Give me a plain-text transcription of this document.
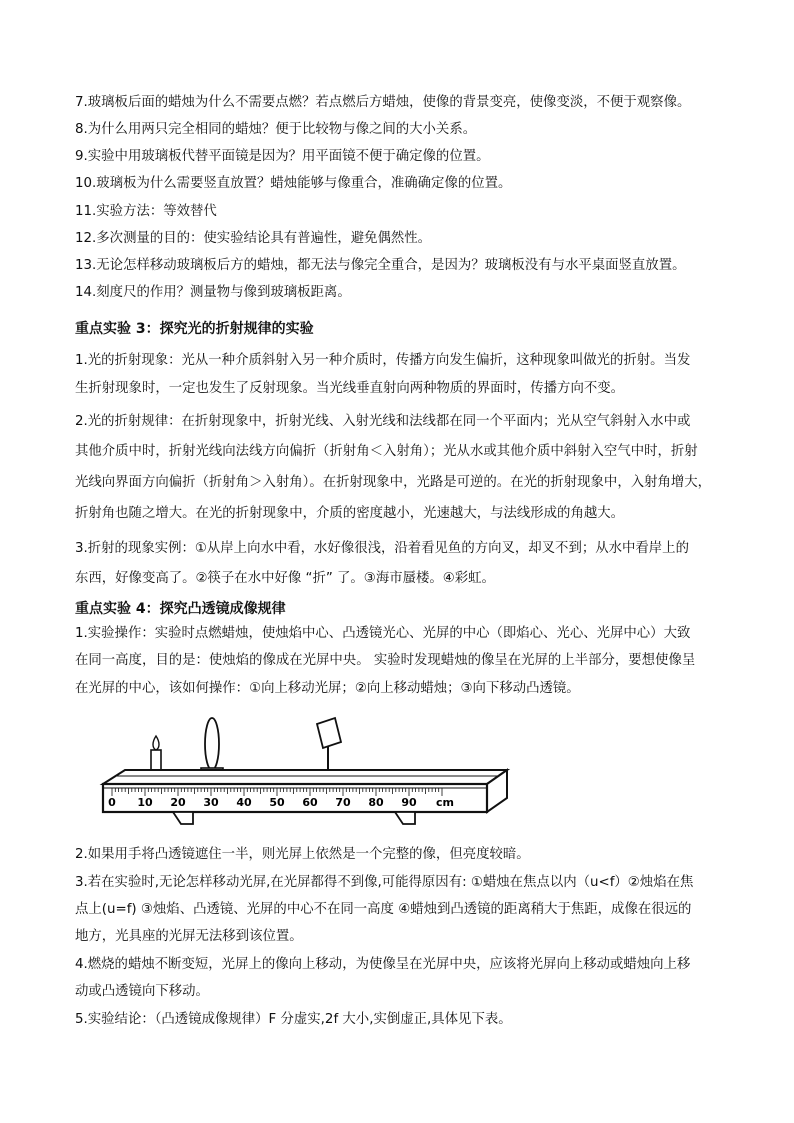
7.玻璃板后面的蜡烛为什么不需要点燃？若点燃后方蜡烛，使像的背景变亮，使像变淡，不便于观察像。
8.为什么用两只完全相同的蜡烛？便于比较物与像之间的大小关系。
9.实验中用玻璃板代替平面镜是因为？用平面镜不便于确定像的位置。
10.玻璃板为什么需要竖直放置？蜡烛能够与像重合，准确确定像的位置。
11.实验方法：等效替代
12.多次测量的目的：使实验结论具有普遍性，避免偶然性。
13.无论怎样移动玻璃板后方的蜡烛，都无法与像完全重合，是因为？玻璃板没有与水平桌面竖直放置。
14.刻度尺的作用？测量物与像到玻璃板距离。
重点实验 3：探究光的折射规律的实验
1.光的折射现象：光从一种介质斜射入另一种介质时，传播方向发生偏折，这种现象叫做光的折射。当发
生折射现象时，一定也发生了反射现象。当光线垂直射向两种物质的界面时，传播方向不变。
2.光的折射规律：在折射现象中，折射光线、入射光线和法线都在同一个平面内；光从空气斜射入水中或
其他介质中时，折射光线向法线方向偏折（折射角＜入射角）；光从水或其他介质中斜射入空气中时，折射
光线向界面方向偏折（折射角＞入射角）。在折射现象中，光路是可逆的。在光的折射现象中，入射角增大，
折射角也随之增大。在光的折射现象中，介质的密度越小，光速越大，与法线形成的角越大。
3.折射的现象实例：①从岸上向水中看，水好像很浅，沿着看见鱼的方向叉，却叉不到；从水中看岸上的
东西，好像变高了。②筷子在水中好像 “折” 了。③海市蜃楼。④彩虹。
重点实验 4：探究凸透镜成像规律
1.实验操作：实验时点燃蜡烛，使烛焰中心、凸透镜光心、光屏的中心（即焰心、光心、光屏中心）大致
在同一高度，目的是：使烛焰的像成在光屏中央。 实验时发现蜡烛的像呈在光屏的上半部分，要想使像呈
在光屏的中心，该如何操作：①向上移动光屏；②向上移动蜡烛；③向下移动凸透镜。
0 10 20 30 40 50 60 70 80 90 cm
2.如果用手将凸透镜遮住一半，则光屏上依然是一个完整的像，但亮度较暗。
3.若在实验时,无论怎样移动光屏,在光屏都得不到像,可能得原因有: ①蜡烛在焦点以内（u<f）②烛焰在焦
点上(u=f) ③烛焰、凸透镜、光屏的中心不在同一高度 ④蜡烛到凸透镜的距离稍大于焦距，成像在很远的
地方，光具座的光屏无法移到该位置。
4.燃烧的蜡烛不断变短，光屏上的像向上移动，为使像呈在光屏中央，应该将光屏向上移动或蜡烛向上移
动或凸透镜向下移动。
5.实验结论：（凸透镜成像规律）F 分虚实,2f 大小,实倒虚正,具体见下表。
